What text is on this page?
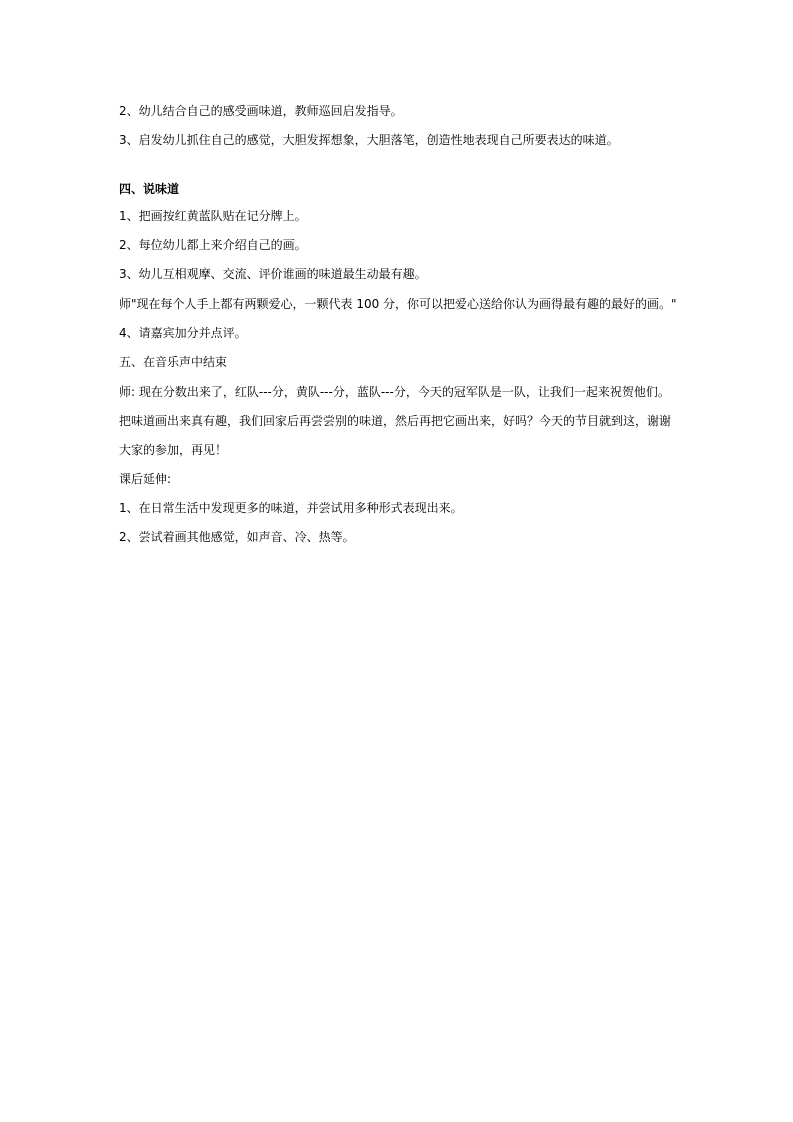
2、幼儿结合自己的感受画味道，教师巡回启发指导。
3、启发幼儿抓住自己的感觉，大胆发挥想象，大胆落笔，创造性地表现自己所要表达的味道。
四、说味道
1、把画按红黄蓝队贴在记分牌上。
2、每位幼儿都上来介绍自己的画。
3、幼儿互相观摩、交流、评价谁画的味道最生动最有趣。
师"现在每个人手上都有两颗爱心，一颗代表 100 分，你可以把爱心送给你认为画得最有趣的最好的画。"
4、请嘉宾加分并点评。
五、在音乐声中结束
师: 现在分数出来了，红队---分，黄队---分，蓝队---分，今天的冠军队是一队，让我们一起来祝贺他们。
把味道画出来真有趣，我们回家后再尝尝别的味道，然后再把它画出来，好吗？今天的节目就到这，谢谢
大家的参加，再见！
课后延伸:
1、在日常生活中发现更多的味道，并尝试用多种形式表现出来。
2、尝试着画其他感觉，如声音、冷、热等。
